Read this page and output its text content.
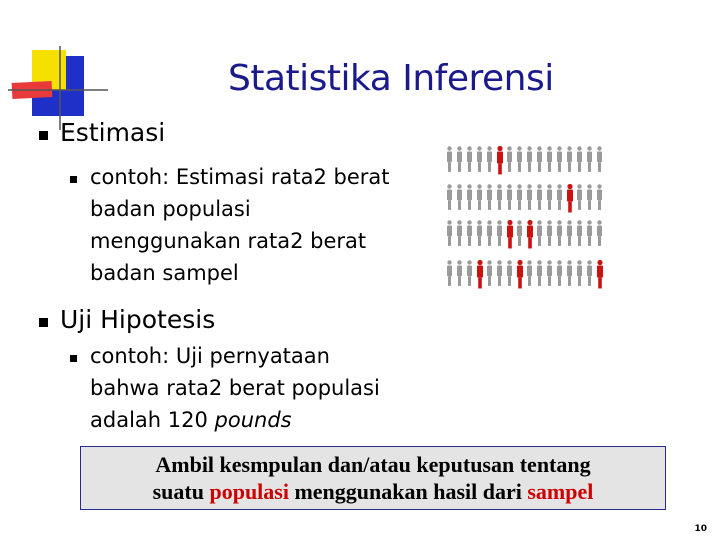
Statistika Inferensi
Estimasi
contoh: Estimasi rata2 berat
badan populasi
menggunakan rata2 berat
badan sampel
Uji Hipotesis
contoh: Uji pernyataan
bahwa rata2 berat populasi
adalah 120 pounds
Ambil kesmpulan dan/atau keputusan tentang
suatu populasi menggunakan hasil dari sampel
10
